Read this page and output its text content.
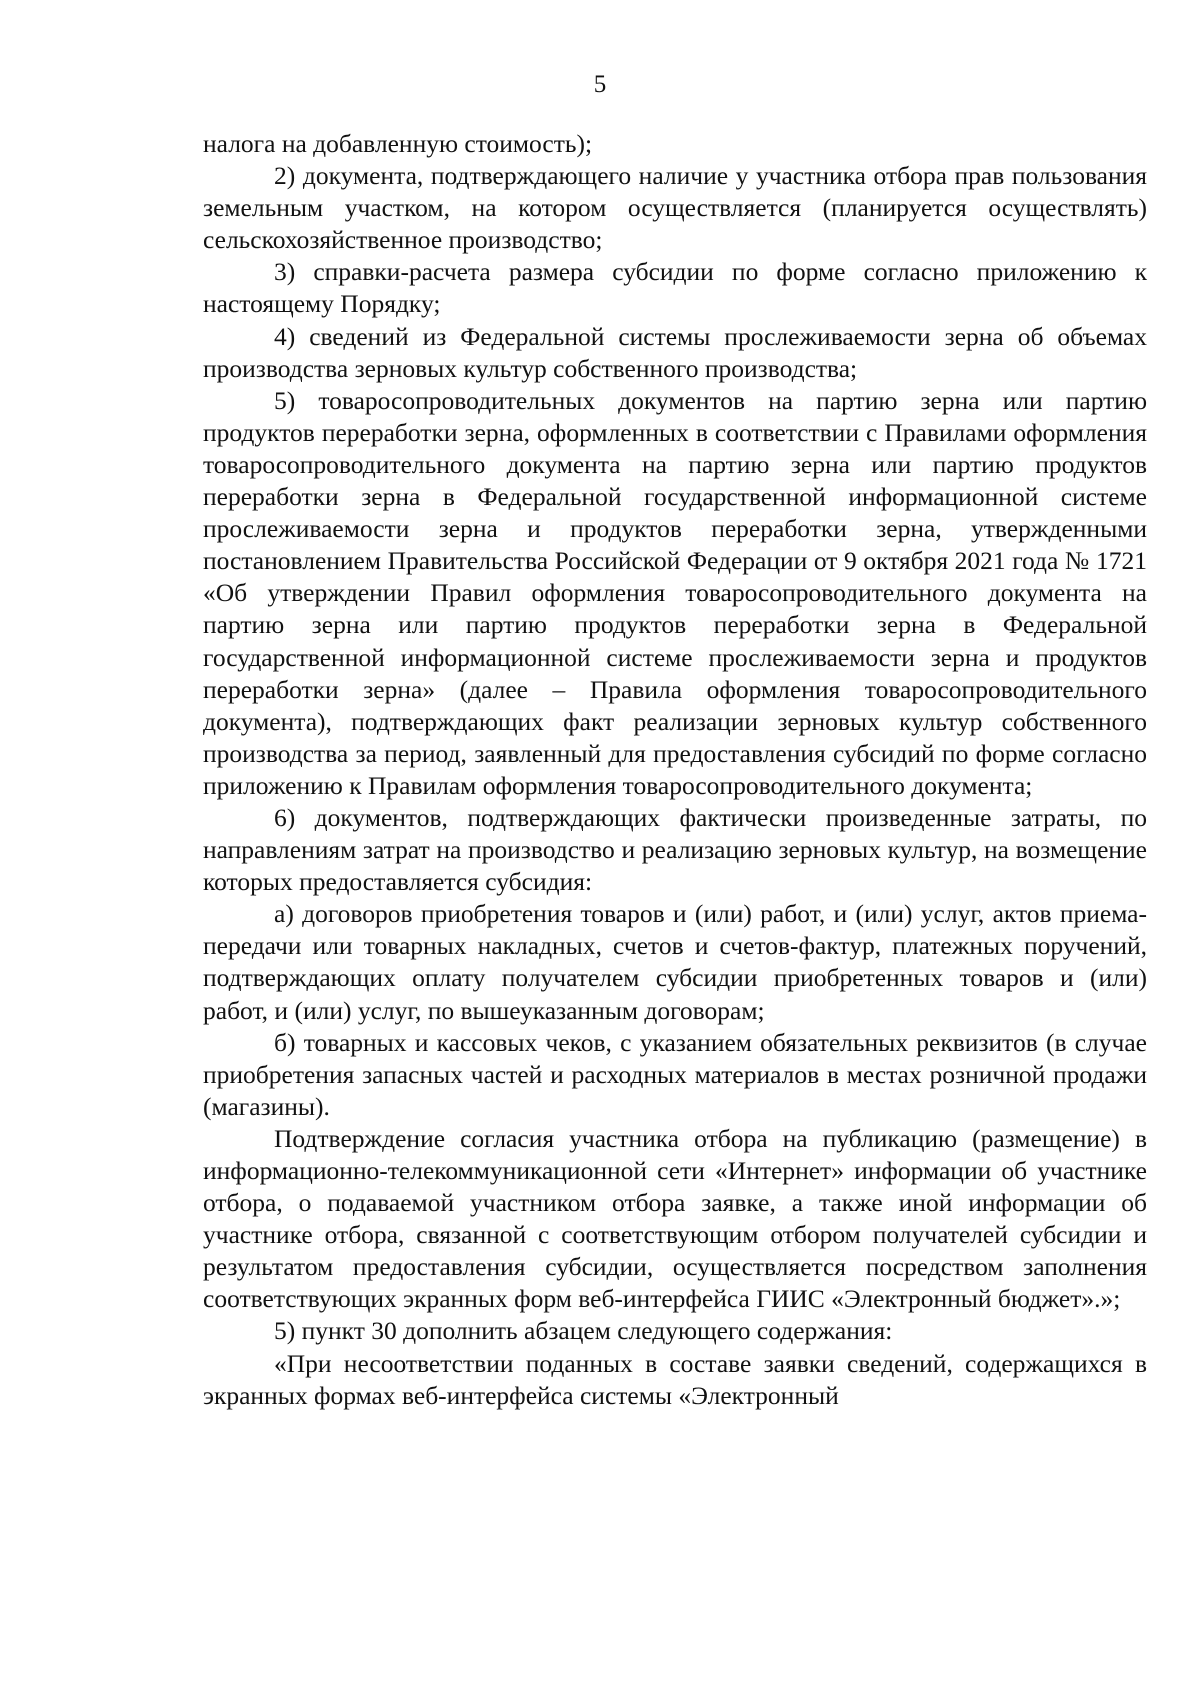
5

налога на добавленную стоимость);

2) документа, подтверждающего наличие у участника отбора прав пользования земельным участком, на котором осуществляется (планируется осуществлять) сельскохозяйственное производство;

3) справки-расчета размера субсидии по форме согласно приложению к настоящему Порядку;

4) сведений из Федеральной системы прослеживаемости зерна об объемах производства зерновых культур собственного производства;

5) товаросопроводительных документов на партию зерна или партию продуктов переработки зерна, оформленных в соответствии с Правилами оформления товаросопроводительного документа на партию зерна или партию продуктов переработки зерна в Федеральной государственной информационной системе прослеживаемости зерна и продуктов переработки зерна, утвержденными постановлением Правительства Российской Федерации от 9 октября 2021 года № 1721 «Об утверждении Правил оформления товаросопроводительного документа на партию зерна или партию продуктов переработки зерна в Федеральной государственной информационной системе прослеживаемости зерна и продуктов переработки зерна» (далее – Правила оформления товаросопроводительного документа), подтверждающих факт реализации зерновых культур собственного производства за период, заявленный для предоставления субсидий по форме согласно приложению к Правилам оформления товаросопроводительного документа;

6) документов, подтверждающих фактически произведенные затраты, по направлениям затрат на производство и реализацию зерновых культур, на возмещение которых предоставляется субсидия:

а) договоров приобретения товаров и (или) работ, и (или) услуг, актов приема-передачи или товарных накладных, счетов и счетов-фактур, платежных поручений, подтверждающих оплату получателем субсидии приобретенных товаров и (или) работ, и (или) услуг, по вышеуказанным договорам;

б) товарных и кассовых чеков, с указанием обязательных реквизитов (в случае приобретения запасных частей и расходных материалов в местах розничной продажи (магазины).

Подтверждение согласия участника отбора на публикацию (размещение) в информационно-телекоммуникационной сети «Интернет» информации об участнике отбора, о подаваемой участником отбора заявке, а также иной информации об участнике отбора, связанной с соответствующим отбором получателей субсидии и результатом предоставления субсидии, осуществляется посредством заполнения соответствующих экранных форм веб-интерфейса ГИИС «Электронный бюджет».»;

5) пункт 30 дополнить абзацем следующего содержания:

«При несоответствии поданных в составе заявки сведений, содержащихся в экранных формах веб-интерфейса системы «Электронный
